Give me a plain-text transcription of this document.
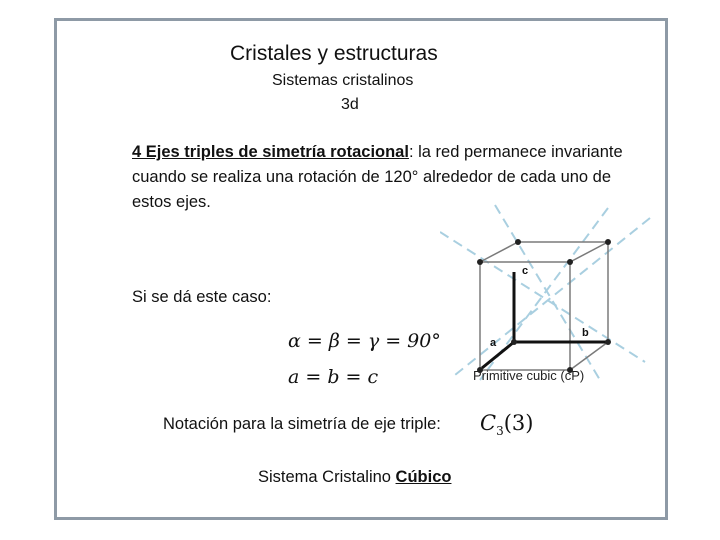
Cristales y estructuras
Sistemas cristalinos
3d
4 Ejes triples de simetría rotacional: la red permanece invariante cuando se realiza una rotación de 120° alrededor de cada uno de estos ejes.
Si se dá este caso:
α = β = γ = 90°
a = b = c
Notación para la simetría de eje triple: $C_3(3)$
Sistema Cristalino Cúbico
c
b
a
Primitive cubic (cP)
